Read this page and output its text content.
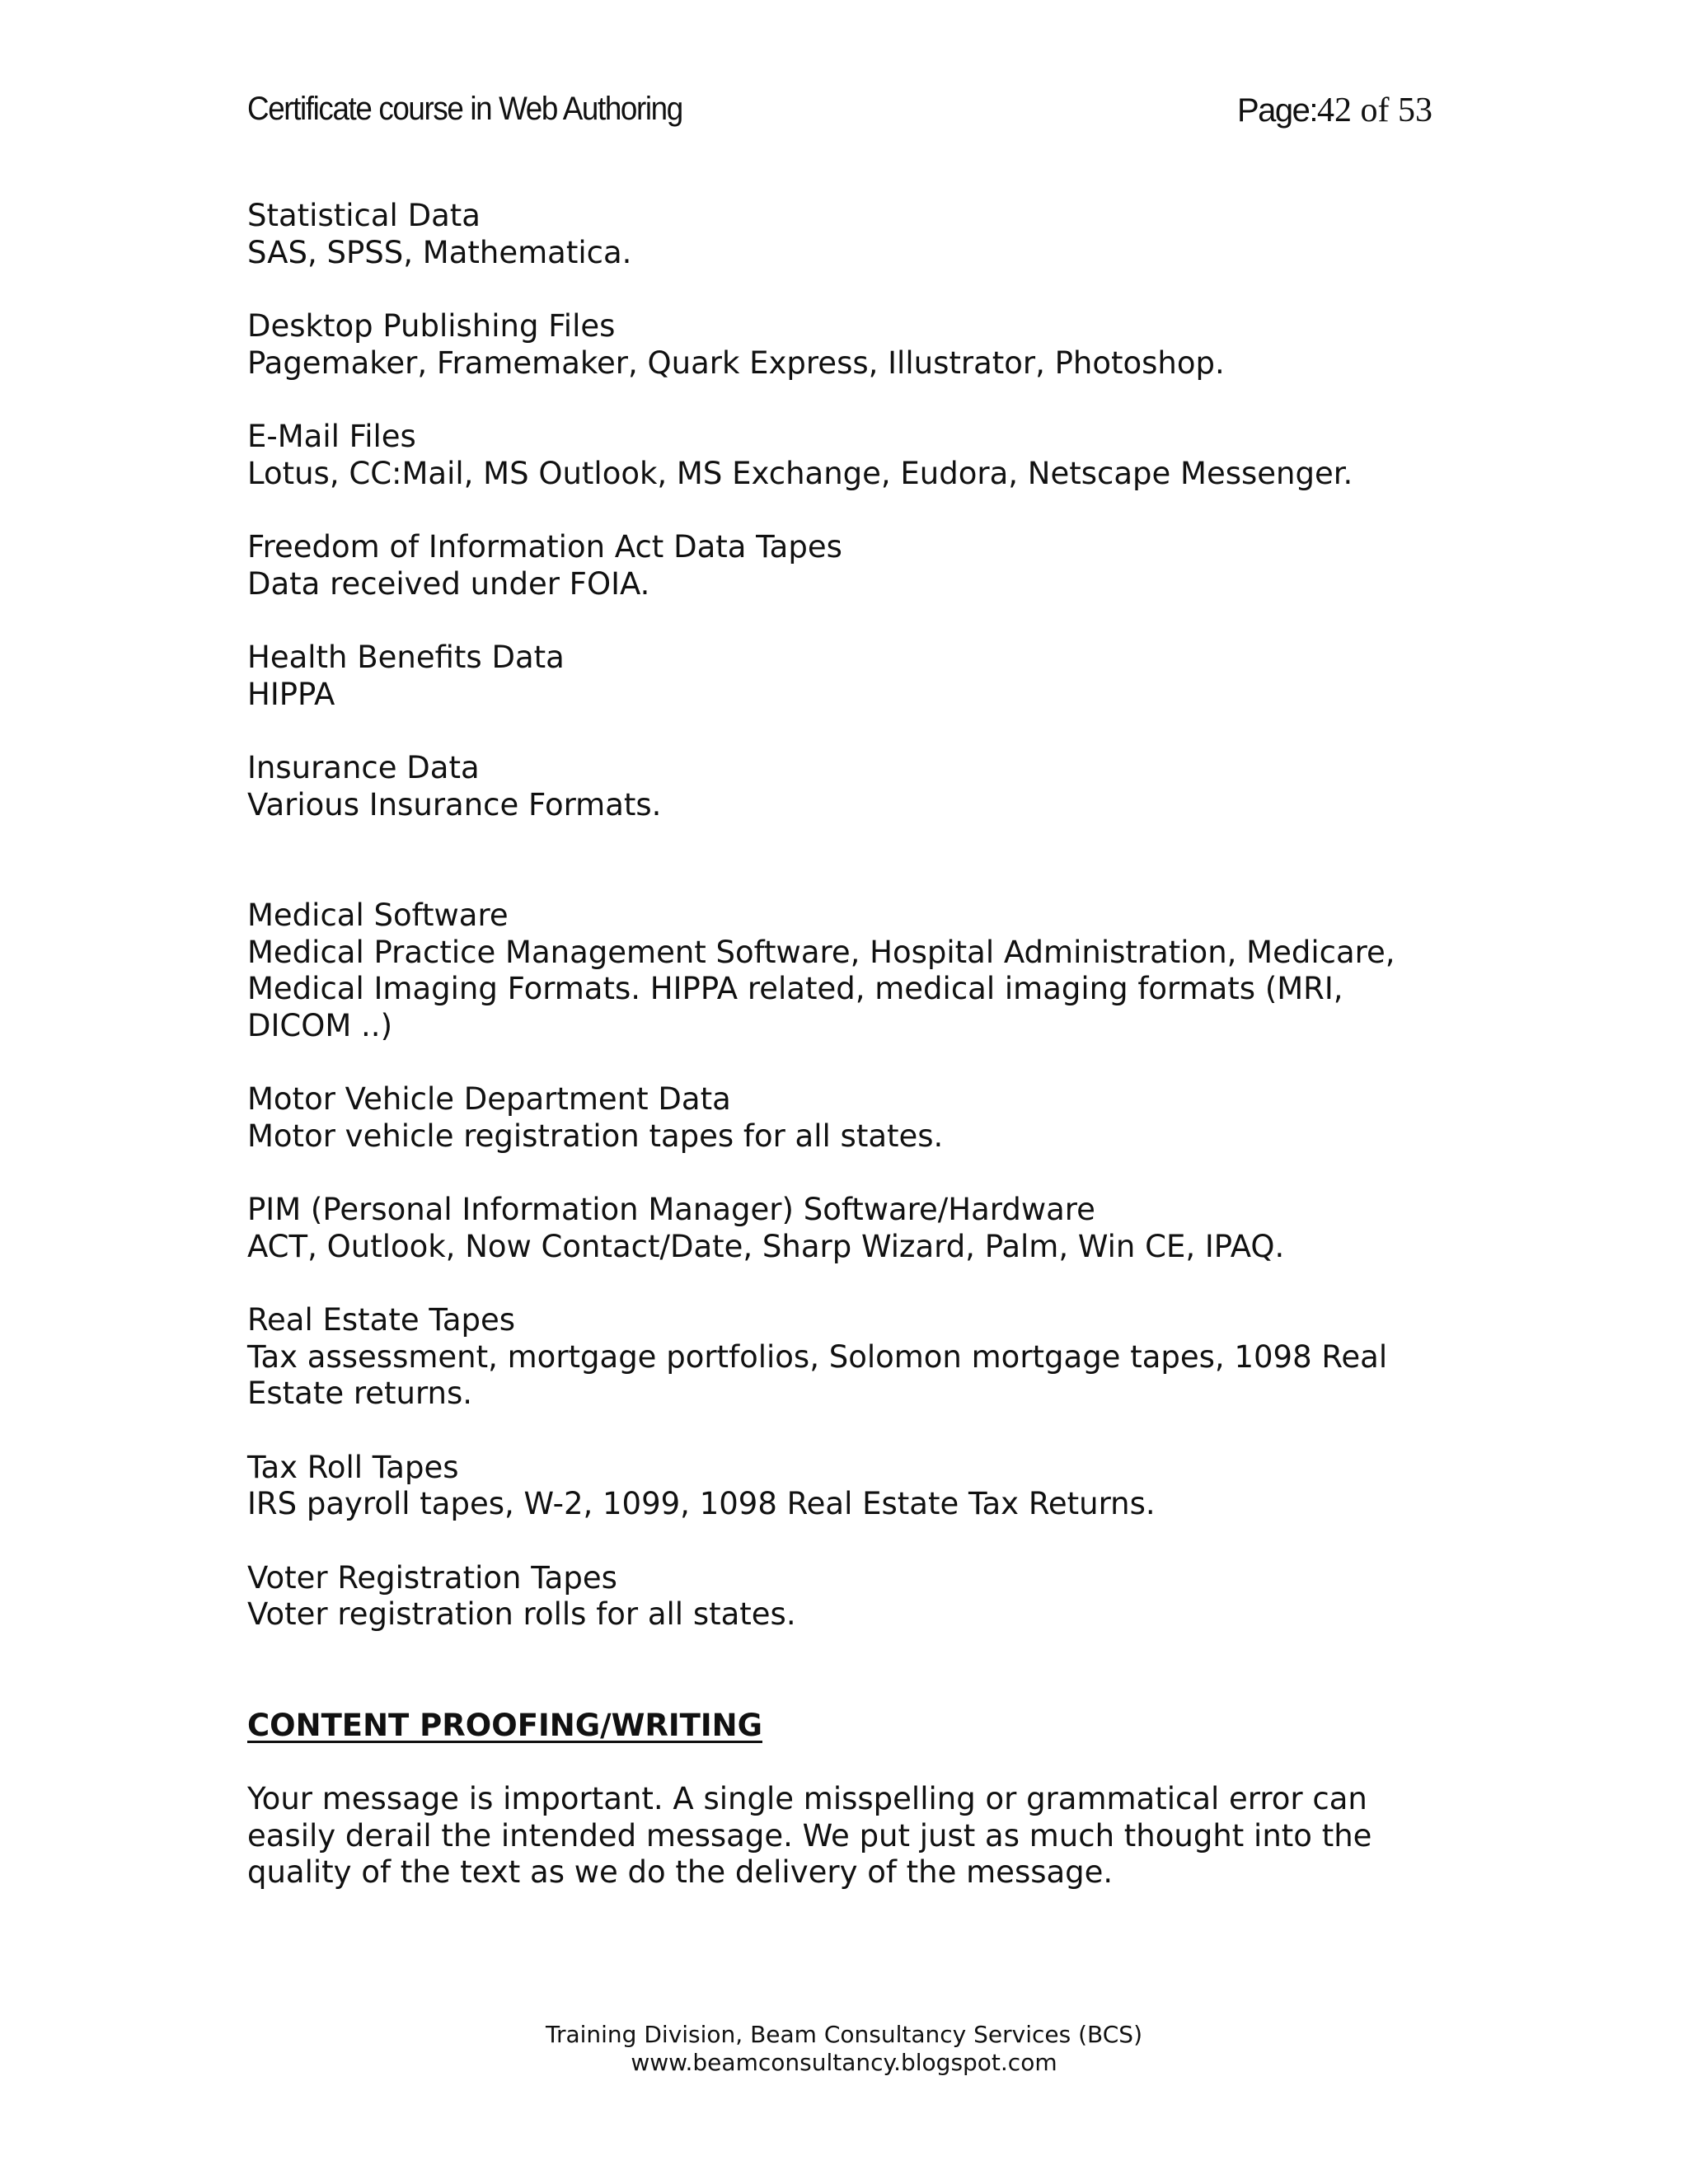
Certificate course in Web Authoring	Page:42 of 53
Statistical Data
SAS, SPSS, Mathematica.
Desktop Publishing Files
Pagemaker, Framemaker, Quark Express, Illustrator, Photoshop.
E-Mail Files
Lotus, CC:Mail, MS Outlook, MS Exchange, Eudora, Netscape Messenger.
Freedom of Information Act Data Tapes
Data received under FOIA.
Health Benefits Data
HIPPA
Insurance Data
Various Insurance Formats.
Medical Software
Medical Practice Management Software, Hospital Administration, Medicare, Medical Imaging Formats. HIPPA related, medical imaging formats (MRI, DICOM ..)
Motor Vehicle Department Data
Motor vehicle registration tapes for all states.
PIM (Personal Information Manager) Software/Hardware
ACT, Outlook, Now Contact/Date, Sharp Wizard, Palm, Win CE, IPAQ.
Real Estate Tapes
Tax assessment, mortgage portfolios, Solomon mortgage tapes, 1098 Real Estate returns.
Tax Roll Tapes
IRS payroll tapes, W-2, 1099, 1098 Real Estate Tax Returns.
Voter Registration Tapes
Voter registration rolls for all states.
CONTENT PROOFING/WRITING
Your message is important. A single misspelling or grammatical error can easily derail the intended message. We put just as much thought into the quality of the text as we do the delivery of the message.
Training Division, Beam Consultancy Services (BCS)
www.beamconsultancy.blogspot.com
